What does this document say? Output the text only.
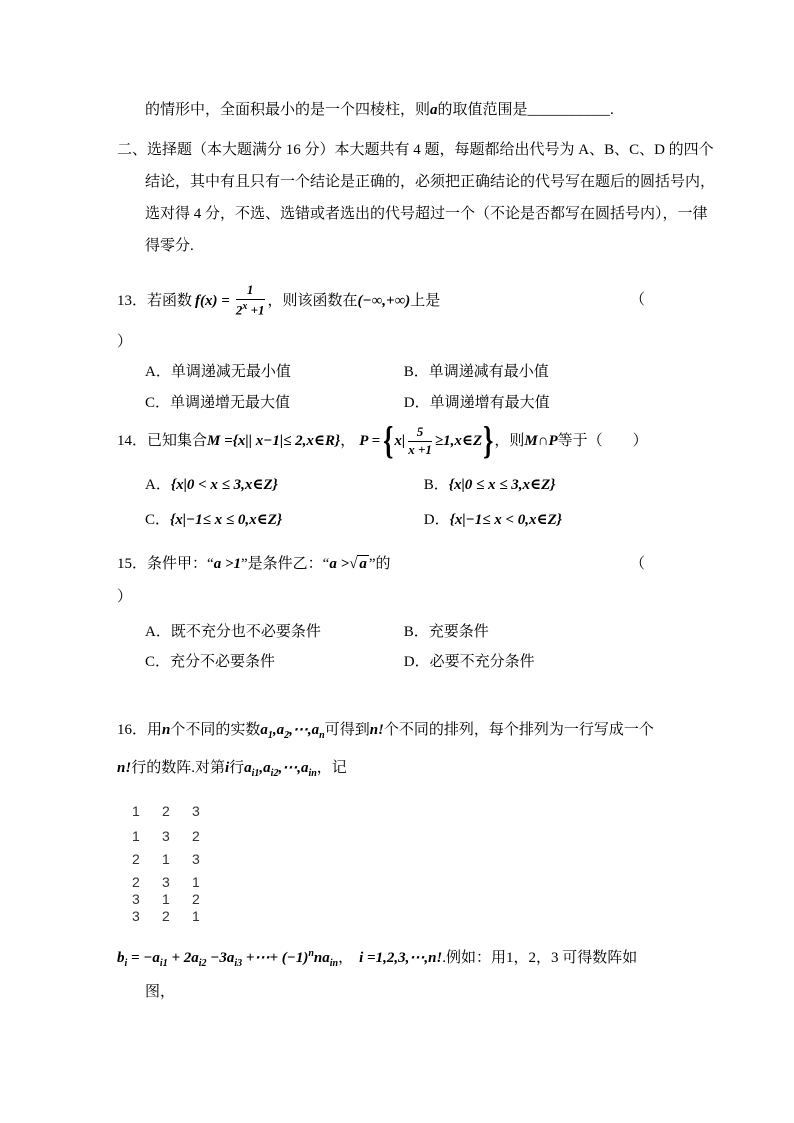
的情形中，全面积最小的是一个四棱柱，则a的取值范围是___________.
二、选择题（本大题满分 16 分）本大题共有 4 题，每题都给出代号为 A、B、C、D 的四个
结论，其中有且只有一个结论是正确的，必须把正确结论的代号写在题后的圆括号内，
选对得 4 分，不选、选错或者选出的代号超过一个（不论是否都写在圆括号内），一律
得零分.
13． 若函数 $f(x) = \frac{1}{2^x +1}$ ，则该函数在 (−∞,+∞) 上是	（
）
A．单调递减无最小值	B．单调递减有最小值
C．单调递增无最大值	D．单调递增有最大值
14． 已知集合 M ={x|| x−1|≤ 2,x∈R} ， P = { $x| \frac{5}{x +1}$ ≥1,x∈Z } ，则 M∩P 等于（　　）
A．{x|0 < x ≤ 3,x∈Z}	B．{x|0 ≤ x ≤ 3,x∈Z}
C．{x|−1≤ x ≤ 0,x∈Z}	D．{x|−1≤ x < 0,x∈Z}
15．条件甲：“a >1”是条件乙：“a >√ a ”的	（
）
A．既不充分也不必要条件	B．充要条件
C．充分不必要条件	D．必要不充分条件
16．用n个不同的实数$a_1,a_2,\cdots,a_n$可得到n!个不同的排列，每个排列为一行写成一个
n!行的数阵.对第i行$a_{i1},a_{i2},\cdots,a_{in}$，记
1 2 3
1 3 2
2 1 3
2 3 1
3 1 2
3 2 1
$b_i = -a_{i1} + 2a_{i2} -3a_{i3}$ +⋯+ $(-1)^nna_{in}$， i =1,2,3,⋯,n!.例如：用1，2，3 可得数阵如
图，
